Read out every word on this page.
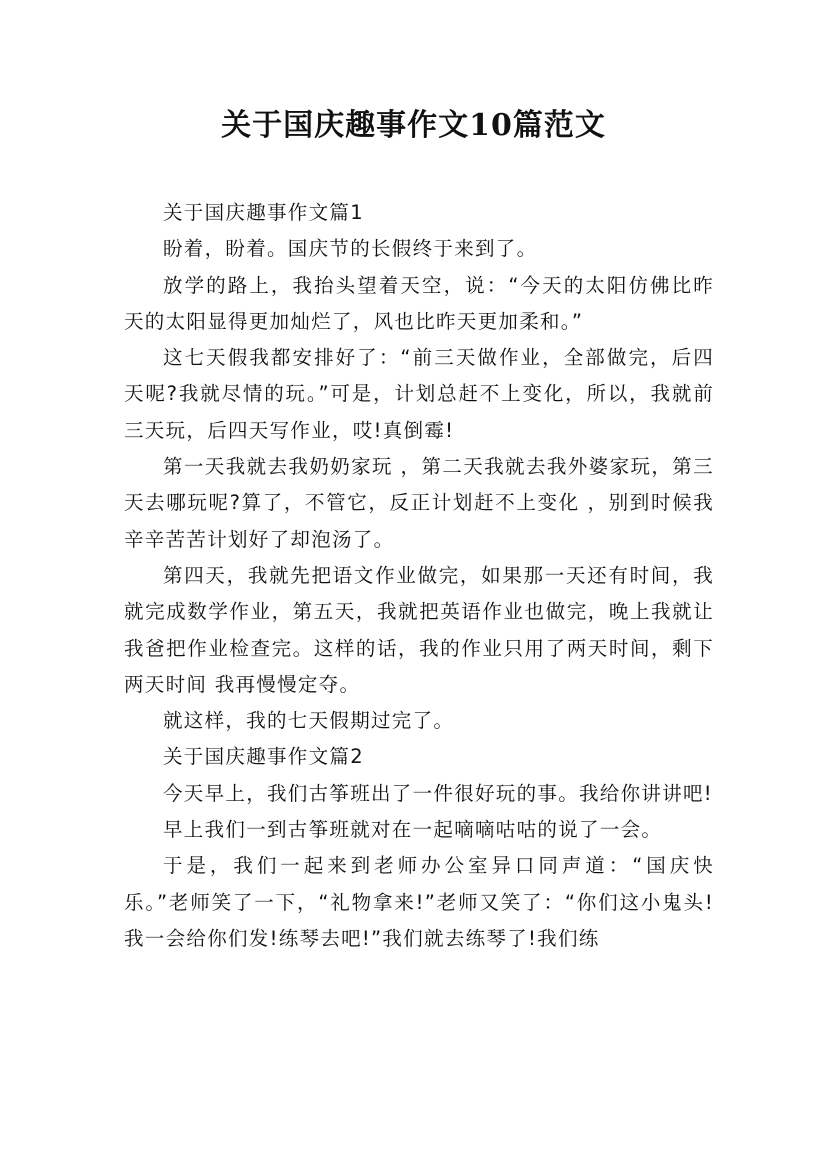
关于国庆趣事作文10篇范文

关于国庆趣事作文篇1

盼着，盼着。国庆节的长假终于来到了。

放学的路上，我抬头望着天空，说：“今天的太阳仿佛比昨天的太阳显得更加灿烂了，风也比昨天更加柔和。”

这七天假我都安排好了：“前三天做作业，全部做完，后四天呢?我就尽情的玩。”可是，计划总赶不上变化，所以，我就前三天玩，后四天写作业，哎!真倒霉!

第一天我就去我奶奶家玩 ，第二天我就去我外婆家玩，第三天去哪玩呢?算了，不管它，反正计划赶不上变化 ，别到时候我辛辛苦苦计划好了却泡汤了。

第四天，我就先把语文作业做完，如果那一天还有时间，我就完成数学作业，第五天，我就把英语作业也做完，晚上我就让我爸把作业检查完。这样的话，我的作业只用了两天时间，剩下两天时间 我再慢慢定夺。

就这样，我的七天假期过完了。

关于国庆趣事作文篇2

今天早上，我们古筝班出了一件很好玩的事。我给你讲讲吧!

早上我们一到古筝班就对在一起嘀嘀咕咕的说了一会。

于是，我们一起来到老师办公室异口同声道：“国庆快乐。”老师笑了一下，“礼物拿来!”老师又笑了：“你们这小鬼头!我一会给你们发!练琴去吧!”我们就去练琴了!我们练
